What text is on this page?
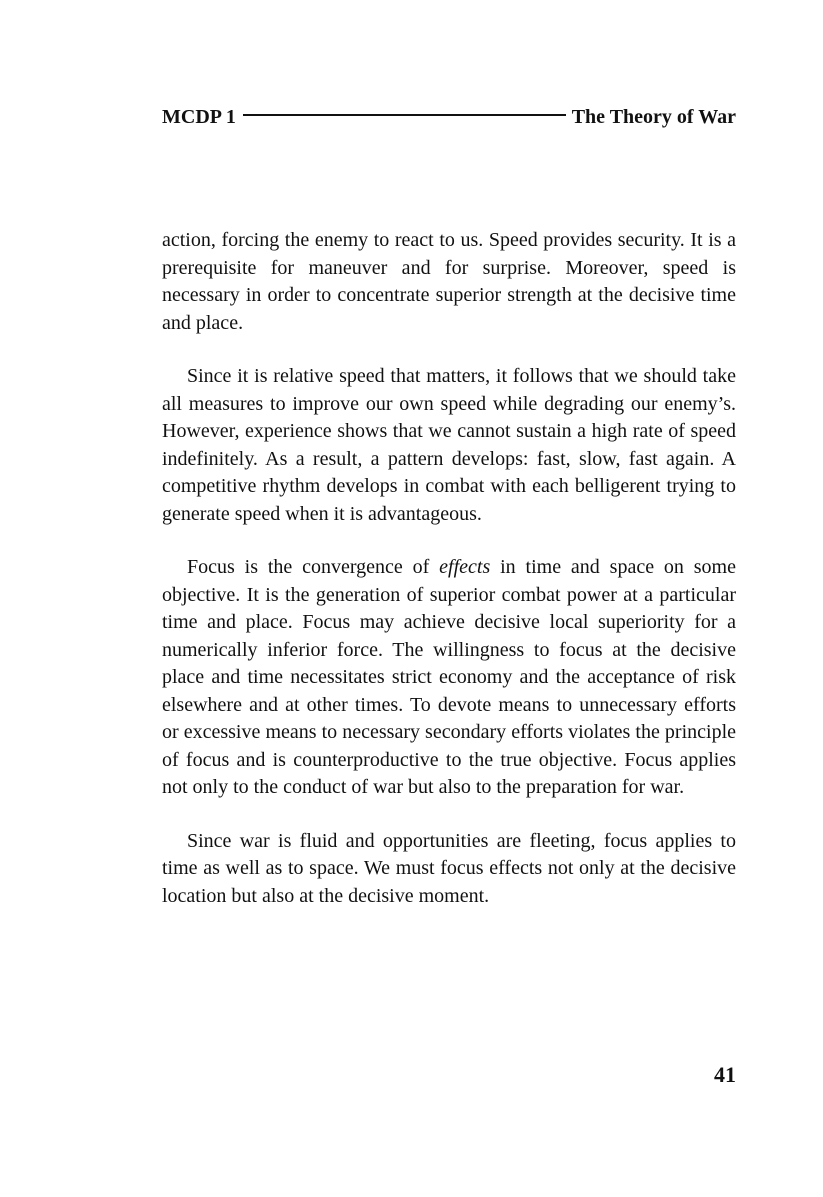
MCDP 1	The Theory of War

action, forcing the enemy to react to us. Speed provides security. It is a prerequisite for maneuver and for surprise. Moreover, speed is necessary in order to concentrate superior strength at the decisive time and place.

Since it is relative speed that matters, it follows that we should take all measures to improve our own speed while degrading our enemy’s. However, experience shows that we cannot sustain a high rate of speed indefinitely. As a result, a pattern develops: fast, slow, fast again. A competitive rhythm develops in combat with each belligerent trying to generate speed when it is advantageous.

Focus is the convergence of effects in time and space on some objective. It is the generation of superior combat power at a particular time and place. Focus may achieve decisive local superiority for a numerically inferior force. The willingness to focus at the decisive place and time necessitates strict economy and the acceptance of risk elsewhere and at other times. To devote means to unnecessary efforts or excessive means to necessary secondary efforts violates the principle of focus and is counterproductive to the true objective. Focus applies not only to the conduct of war but also to the preparation for war.

Since war is fluid and opportunities are fleeting, focus applies to time as well as to space. We must focus effects not only at the decisive location but also at the decisive moment.

41
